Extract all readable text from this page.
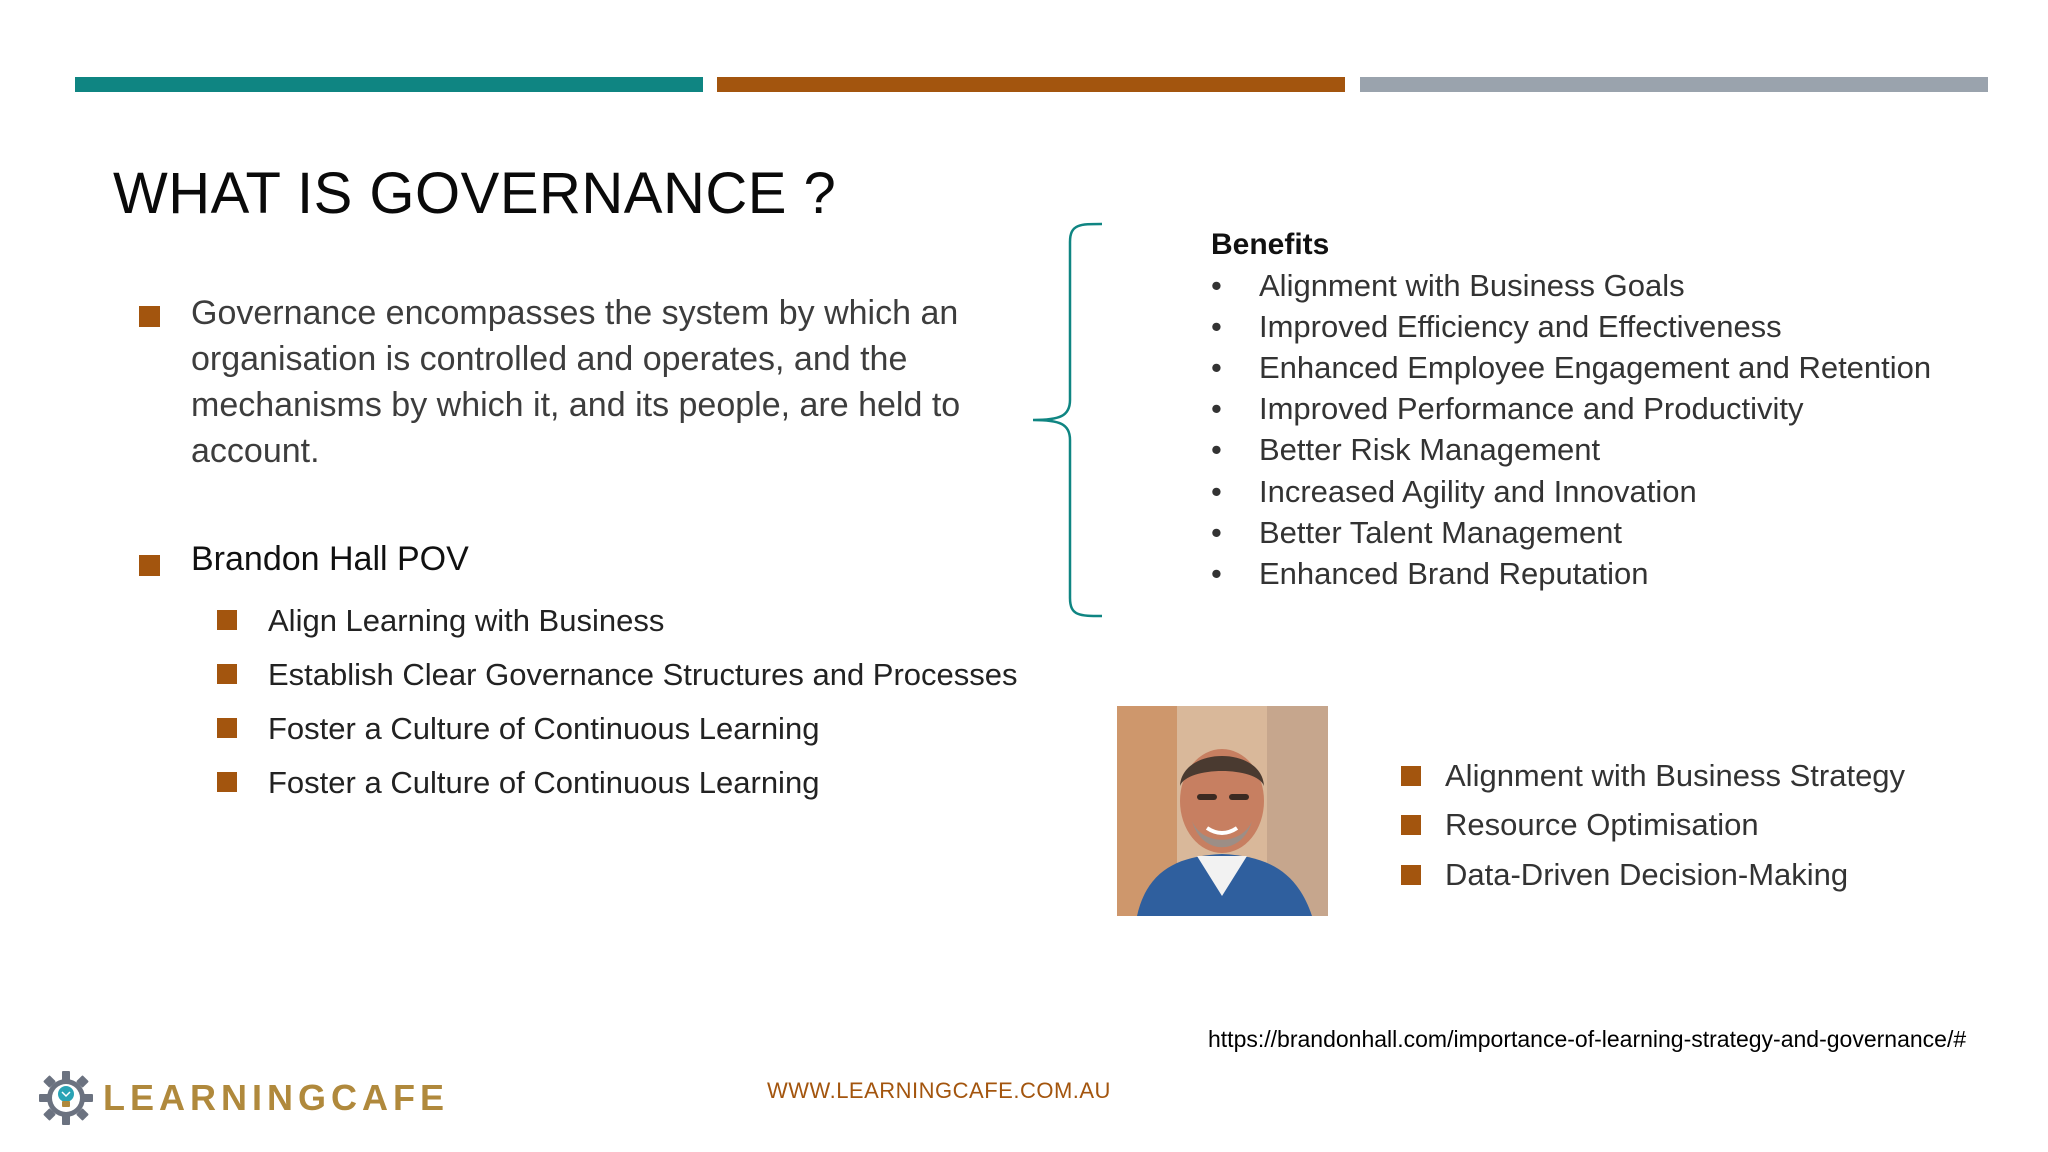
WHAT IS GOVERNANCE ?
Governance encompasses the system by which an organisation is controlled and operates, and the mechanisms by which it, and its people, are held to account.
Brandon Hall POV
Align Learning with Business
Establish Clear Governance Structures and Processes
Foster a Culture of Continuous Learning
Foster a Culture of Continuous Learning
Benefits
• Alignment with Business Goals
• Improved Efficiency and Effectiveness
• Enhanced Employee Engagement and Retention
• Improved Performance and Productivity
• Better Risk Management
• Increased Agility and Innovation
• Better Talent Management
• Enhanced Brand Reputation
Alignment with Business Strategy
Resource Optimisation
Data-Driven Decision-Making
https://brandonhall.com/importance-of-learning-strategy-and-governance/#
LEARNINGCAFE	WWW.LEARNINGCAFE.COM.AU
